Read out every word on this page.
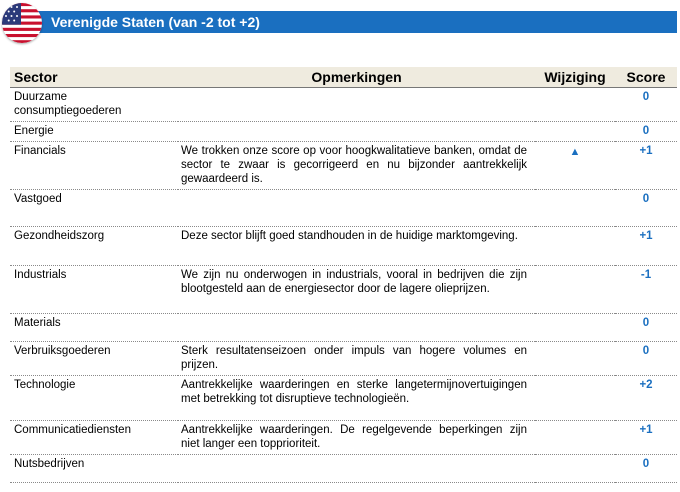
Verenigde Staten (van -2 tot +2)
Sector	Opmerkingen	Wijziging	Score
Duurzame consumptiegoederen			0
Energie			0
Financials	We trokken onze score op voor hoogkwalitatieve banken, omdat de sector te zwaar is gecorrigeerd en nu bijzonder aantrekkelijk gewaardeerd is.	▲	+1
Vastgoed			0
Gezondheidszorg	Deze sector blijft goed standhouden in de huidige marktomgeving.		+1
Industrials	We zijn nu onderwogen in industrials, vooral in bedrijven die zijn blootgesteld aan de energiesector door de lagere olieprijzen.		-1
Materials			0
Verbruiksgoederen	Sterk resultatenseizoen onder impuls van hogere volumes en prijzen.		0
Technologie	Aantrekkelijke waarderingen en sterke langetermijnovertuigingen met betrekking tot disruptieve technologieën.		+2
Communicatiediensten	Aantrekkelijke waarderingen. De regelgevende beperkingen zijn niet langer een topprioriteit.		+1
Nutsbedrijven			0
